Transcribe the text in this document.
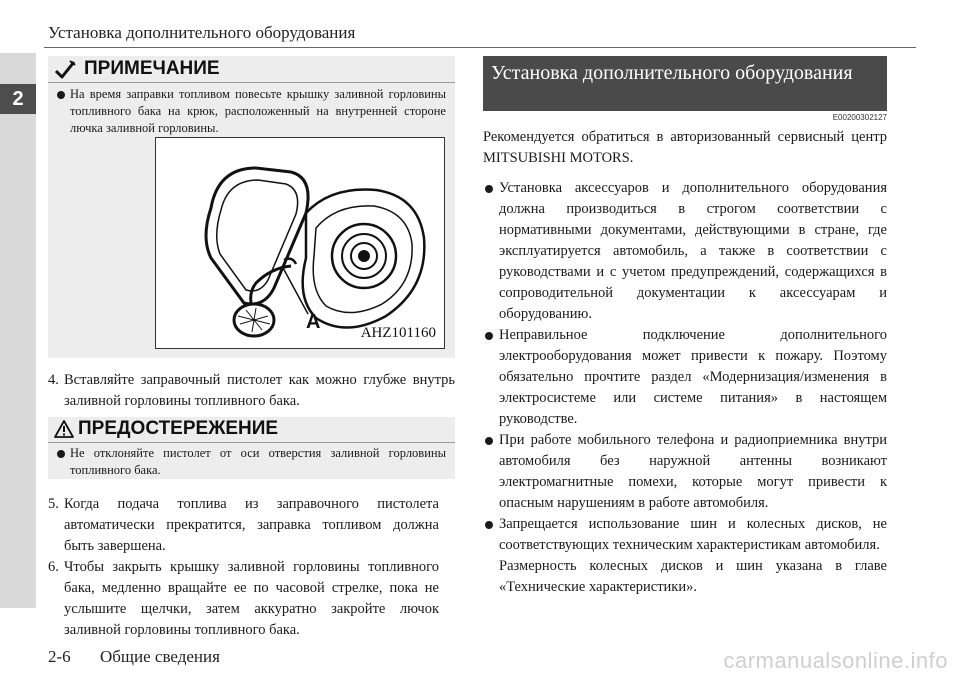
2
Установка дополнительного оборудования
ПРИМЕЧАНИЕ
На время заправки топливом повесьте крышку заливной горловины топливного бака на крюк, расположенный на внутренней стороне лючка заливной горловины.
A	AHZ101160
4. Вставляйте заправочный пистолет как можно глубже внутрь заливной горловины топливного бака.
ПРЕДОСТЕРЕЖЕНИЕ
Не отклоняйте пистолет от оси отверстия заливной горловины топливного бака.
5. Когда подача топлива из заправочного пистолета автоматически прекратится, заправка топливом должна быть завершена.
6. Чтобы закрыть крышку заливной горловины топливного бака, медленно вращайте ее по часовой стрелке, пока не услышите щелчки, затем аккуратно закройте лючок заливной горловины топливного бака.
Установка дополнительного оборудования
E00200302127
Рекомендуется обратиться в авторизованный сервисный центр MITSUBISHI MOTORS.
Установка аксессуаров и дополнительного оборудования должна производиться в строгом соответствии с нормативными документами, действующими в стране, где эксплуатируется автомобиль, а также в соответствии с руководствами и с учетом предупреждений, содержащихся в сопроводительной документации к аксессуарам и оборудованию.
Неправильное подключение дополнительного электрооборудования может привести к пожару. Поэтому обязательно прочтите раздел «Модернизация/изменения в электросистеме или системе питания» в настоящем руководстве.
При работе мобильного телефона и радиоприемника внутри автомобиля без наружной антенны возникают электромагнитные помехи, которые могут привести к опасным нарушениям в работе автомобиля.
Запрещается использование шин и колесных дисков, не соответствующих техническим характеристикам автомобиля.
Размерность колесных дисков и шин указана в главе «Технические характеристики».
2-6 Общие сведения	carmanualsonline.info
